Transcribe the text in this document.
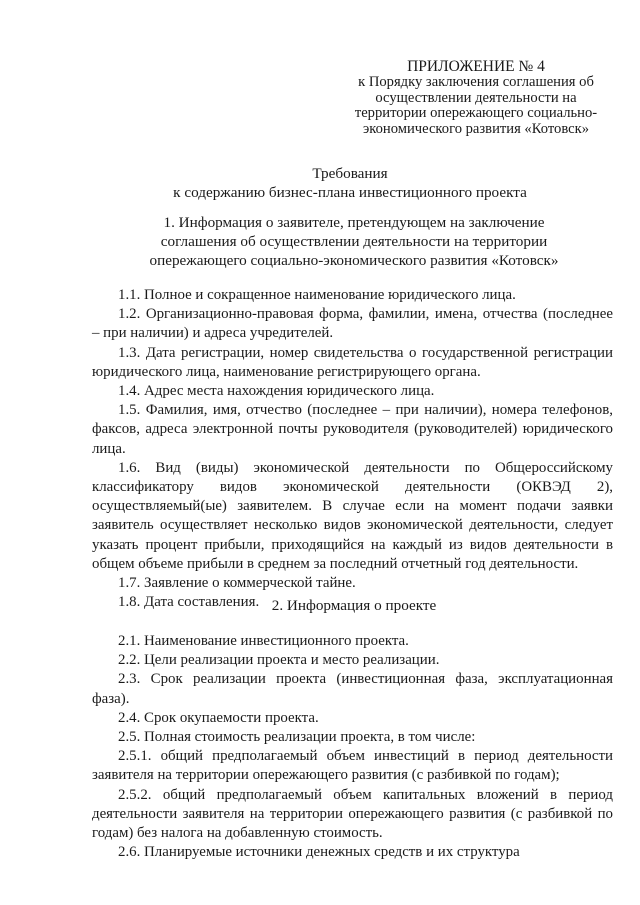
ПРИЛОЖЕНИЕ № 4
к Порядку заключения соглашения об
осуществлении деятельности на
территории опережающего социально-
экономического развития «Котовск»
Требования
к содержанию бизнес-плана инвестиционного проекта
1. Информация о заявителе, претендующем на заключение
соглашения об осуществлении деятельности на территории
опережающего социально-экономического развития «Котовск»

1.1. Полное и сокращенное наименование юридического лица.

1.2. Организационно-правовая форма, фамилии, имена, отчества (последнее – при наличии) и адреса учредителей.

1.3. Дата регистрации, номер свидетельства о государственной регистрации юридического лица, наименование регистрирующего органа.

1.4. Адрес места нахождения юридического лица.

1.5. Фамилия, имя, отчество (последнее – при наличии), номера телефонов, факсов, адреса электронной почты руководителя (руководителей) юридического лица.

1.6. Вид (виды) экономической деятельности по Общероссийскому классификатору видов экономической деятельности (ОКВЭД 2), осуществляемый(ые) заявителем. В случае если на момент подачи заявки заявитель осуществляет несколько видов экономической деятельности, следует указать процент прибыли, приходящийся на каждый из видов деятельности в общем объеме прибыли в среднем за последний отчетный год деятельности.

1.7. Заявление о коммерческой тайне.

1.8. Дата составления. 2. Информация о проекте

2.1. Наименование инвестиционного проекта.

2.2. Цели реализации проекта и место реализации.

2.3. Срок реализации проекта (инвестиционная фаза, эксплуатационная фаза).

2.4. Срок окупаемости проекта.

2.5. Полная стоимость реализации проекта, в том числе:

2.5.1. общий предполагаемый объем инвестиций в период деятельности заявителя на территории опережающего развития (с разбивкой по годам);

2.5.2. общий предполагаемый объем капитальных вложений в период деятельности заявителя на территории опережающего развития (с разбивкой по годам) без налога на добавленную стоимость.

2.6. Планируемые источники денежных средств и их структура
